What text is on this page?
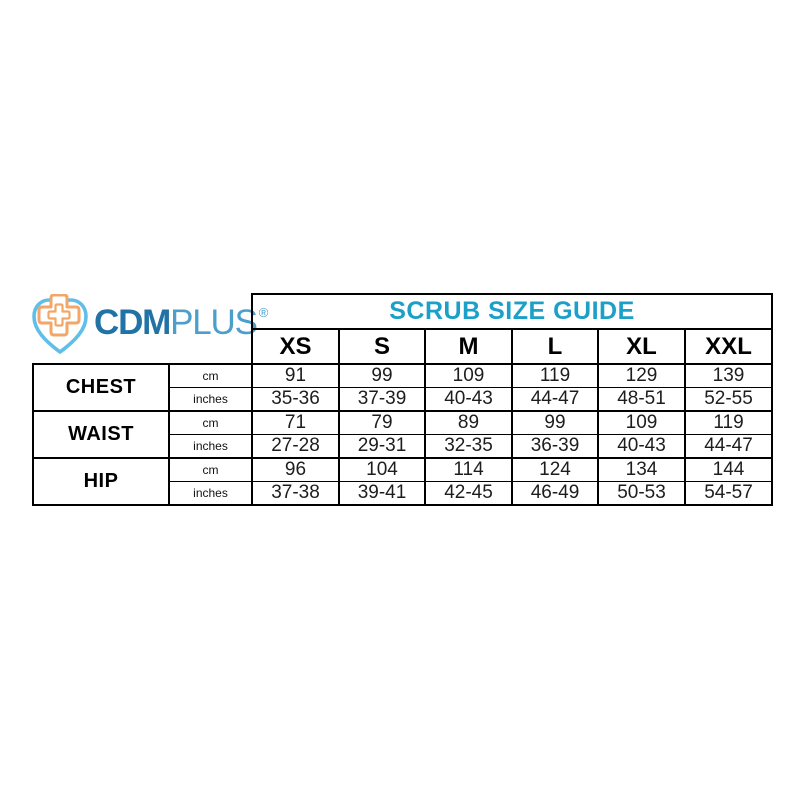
CDMPLUS ®
		SCRUB SIZE GUIDE					
		XS	S	M	L	XL	XXL
CHEST	cm	91	99	109	119	129	139
	inches	35-36	37-39	40-43	44-47	48-51	52-55
WAIST	cm	71	79	89	99	109	119
	inches	27-28	29-31	32-35	36-39	40-43	44-47
HIP	cm	96	104	114	124	134	144
	inches	37-38	39-41	42-45	46-49	50-53	54-57
